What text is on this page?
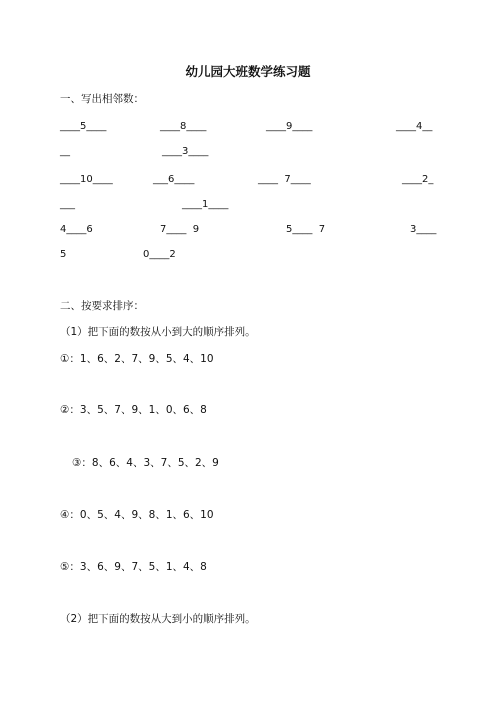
幼儿园大班数学练习题
一、写出相邻数：
____5____	____8____	____9____	____4__
__	____3____
____10____	___6____	____  7____	____2_
___	____1____
4____6	7____  9	5____  7	3____
5	0____2
二、按要求排序：
（1）把下面的数按从小到大的顺序排列。
①：1、6、2、7、9、5、4、10
②：3、5、7、9、1、0、6、8
③：8、6、4、3、7、5、2、9
④：0、5、4、9、8、1、6、10
⑤：3、6、9、7、5、1、4、8
（2）把下面的数按从大到小的顺序排列。
